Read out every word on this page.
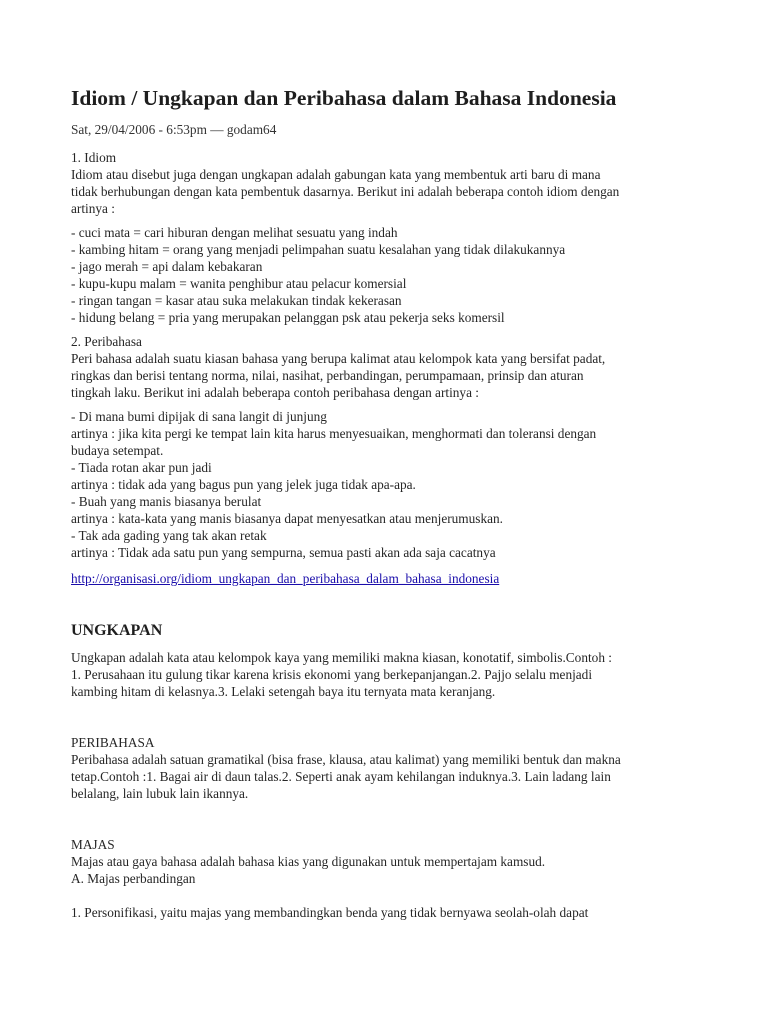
Idiom / Ungkapan dan Peribahasa dalam Bahasa Indonesia
Sat, 29/04/2006 - 6:53pm — godam64
1. Idiom
Idiom atau disebut juga dengan ungkapan adalah gabungan kata yang membentuk arti baru di mana
tidak berhubungan dengan kata pembentuk dasarnya. Berikut ini adalah beberapa contoh idiom dengan
artinya :
- cuci mata = cari hiburan dengan melihat sesuatu yang indah
- kambing hitam = orang yang menjadi pelimpahan suatu kesalahan yang tidak dilakukannya
- jago merah = api dalam kebakaran
- kupu-kupu malam = wanita penghibur atau pelacur komersial
- ringan tangan = kasar atau suka melakukan tindak kekerasan
- hidung belang = pria yang merupakan pelanggan psk atau pekerja seks komersil
2. Peribahasa
Peri bahasa adalah suatu kiasan bahasa yang berupa kalimat atau kelompok kata yang bersifat padat,
ringkas dan berisi tentang norma, nilai, nasihat, perbandingan, perumpamaan, prinsip dan aturan
tingkah laku. Berikut ini adalah beberapa contoh peribahasa dengan artinya :
- Di mana bumi dipijak di sana langit di junjung
artinya : jika kita pergi ke tempat lain kita harus menyesuaikan, menghormati dan toleransi dengan
budaya setempat.
- Tiada rotan akar pun jadi
artinya : tidak ada yang bagus pun yang jelek juga tidak apa-apa.
- Buah yang manis biasanya berulat
artinya : kata-kata yang manis biasanya dapat menyesatkan atau menjerumuskan.
- Tak ada gading yang tak akan retak
artinya : Tidak ada satu pun yang sempurna, semua pasti akan ada saja cacatnya
http://organisasi.org/idiom_ungkapan_dan_peribahasa_dalam_bahasa_indonesia
UNGKAPAN
Ungkapan adalah kata atau kelompok kaya yang memiliki makna kiasan, konotatif, simbolis.Contoh :
1. Perusahaan itu gulung tikar karena krisis ekonomi yang berkepanjangan.2. Pajjo selalu menjadi
kambing hitam di kelasnya.3. Lelaki setengah baya itu ternyata mata keranjang.
PERIBAHASA
Peribahasa adalah satuan gramatikal (bisa frase, klausa, atau kalimat) yang memiliki bentuk dan makna
tetap.Contoh :1. Bagai air di daun talas.2. Seperti anak ayam kehilangan induknya.3. Lain ladang lain
belalang, lain lubuk lain ikannya.
MAJAS
Majas atau gaya bahasa adalah bahasa kias yang digunakan untuk mempertajam kamsud.
A. Majas perbandingan
1. Personifikasi, yaitu majas yang membandingkan benda yang tidak bernyawa seolah-olah dapat
